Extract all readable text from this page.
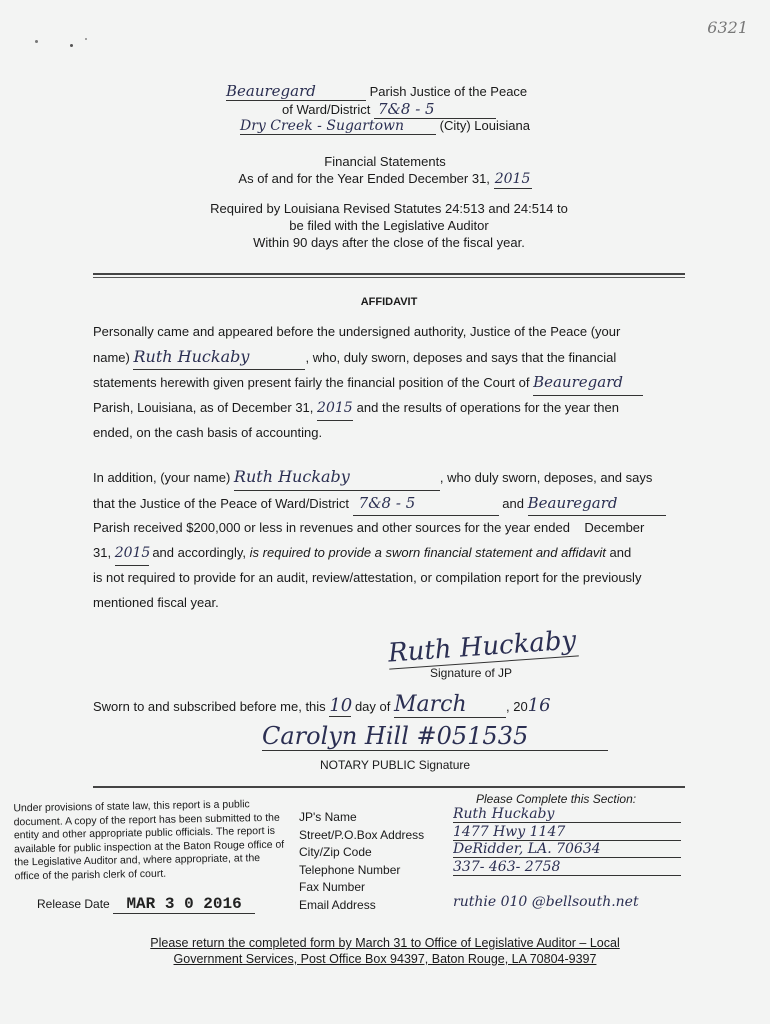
6321
Beauregard	Parish Justice of the Peace
of Ward/District 7&8 - 5
Dry Creek - Sugartown	(City) Louisiana
Financial Statements
As of and for the Year Ended December 31, 2015
Required by Louisiana Revised Statutes 24:513 and 24:514 to
be filed with the Legislative Auditor
Within 90 days after the close of the fiscal year.
AFFIDAVIT
Personally came and appeared before the undersigned authority, Justice of the Peace (your
name) Ruth Huckaby	, who, duly sworn, deposes and says that the financial
statements herewith given present fairly the financial position of the Court of Beauregard
Parish, Louisiana, as of December 31, 2015 and the results of operations for the year then
ended, on the cash basis of accounting.
In addition, (your name) Ruth Huckaby	, who duly sworn, deposes, and says
that the Justice of the Peace of Ward/District 7&8 - 5	and Beauregard
Parish received $200,000 or less in revenues and other sources for the year ended    December
31, 2015 and accordingly, is required to provide a sworn financial statement and affidavit and
is not required to provide for an audit, review/attestation, or compilation report for the previously
mentioned fiscal year.
Ruth Huckaby
Signature of JP
Sworn to and subscribed before me, this 10 day of March	, 2016
Carolyn Hill #051535
NOTARY PUBLIC Signature
Under provisions of state law, this report is a public document. A copy of the report has been submitted to the entity and other appropriate public officials. The report is available for public inspection at the Baton Rouge office of the Legislative Auditor and, where appropriate, at the office of the parish clerk of court.
Release Date MAR 3 0 2016
Please Complete this Section:
JP's Name	Ruth Huckaby
Street/P.O.Box Address 1477 Hwy 1147
City/Zip Code	DeRidder, LA. 70634
Telephone Number	337- 463- 2758
Fax Number
Email Address	ruthie 010 @bellsouth.net
Please return the completed form by March 31 to Office of Legislative Auditor – Local
Government Services, Post Office Box 94397, Baton Rouge, LA 70804-9397
